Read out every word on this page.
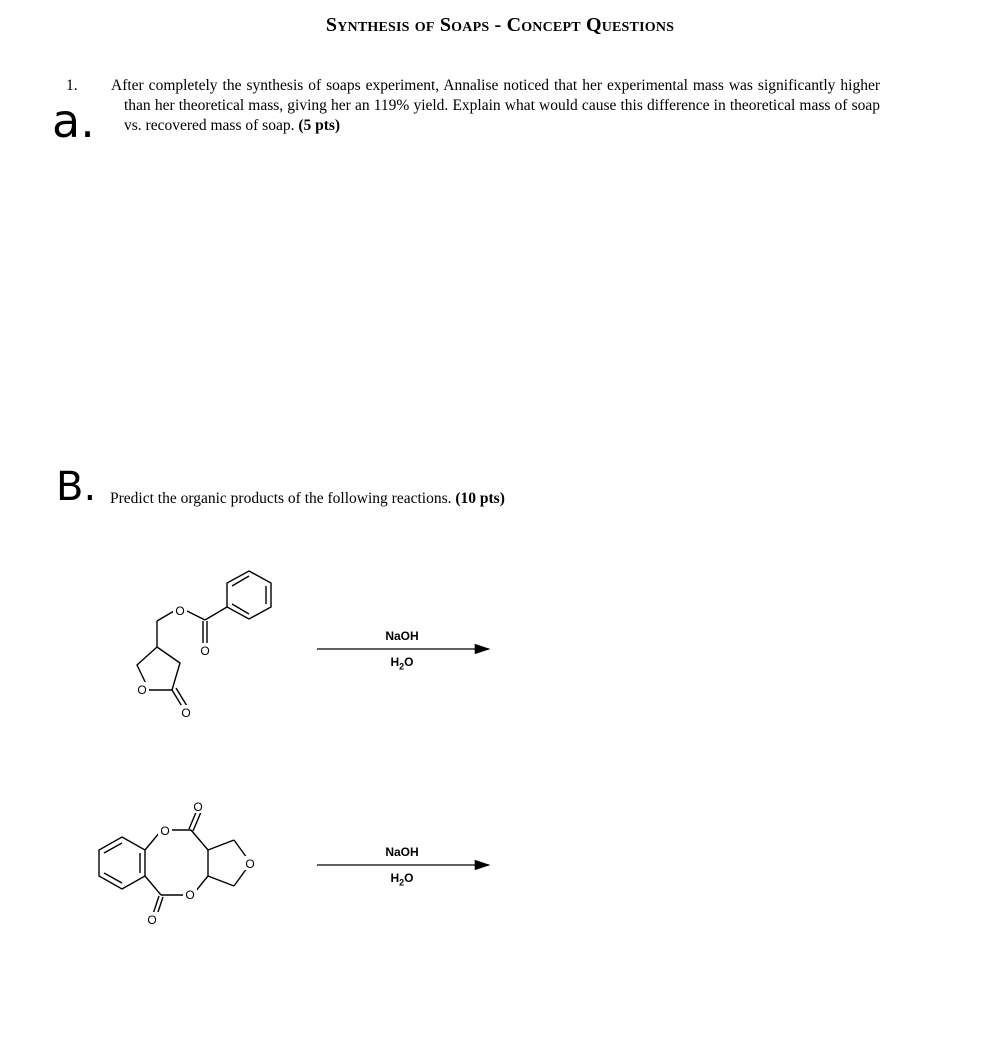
Synthesis of Soaps - Concept Questions
a.

1. After completely the synthesis of soaps experiment, Annalise noticed that her experimental mass was significantly higher than her theoretical mass, giving her an 119% yield. Explain what would cause this difference in theoretical mass of soap vs. recovered mass of soap. (5 pts)

B. Predict the organic products of the following reactions. (10 pts)
O
O
O
O
O
O
O
O
O
NaOH
$H_2O$
NaOH
$H_2O$
